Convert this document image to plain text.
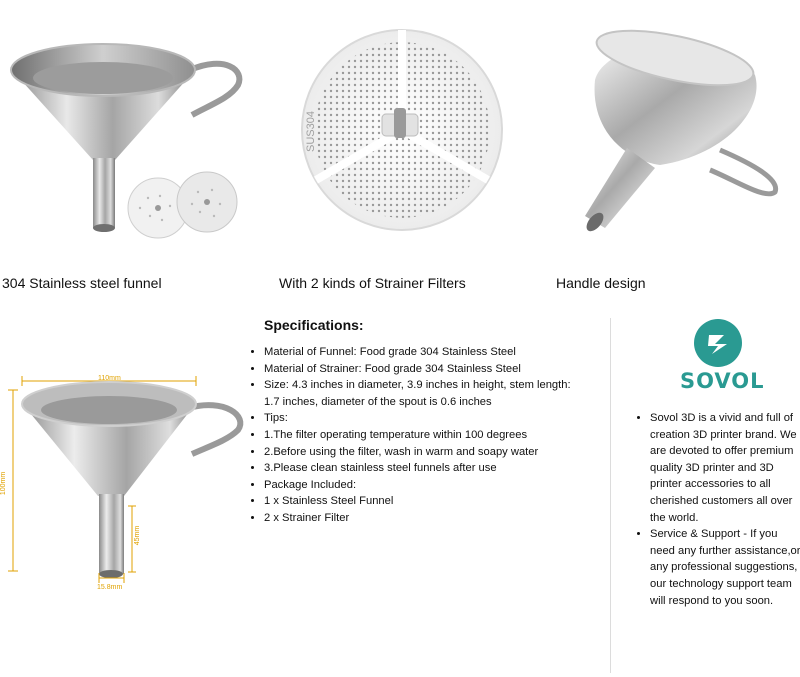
304 Stainless steel funnel
SUS304
With 2 kinds of Strainer Filters	Handle design
110mm
100mm
45mm
15.8mm
Specifications:
• Material of Funnel: Food grade 304 Stainless Steel
• Material of Strainer: Food grade 304 Stainless Steel
• Size: 4.3 inches in diameter, 3.9 inches in height, stem length: 1.7 inches, diameter of the spout is 0.6 inches
• Tips:
• 1.The filter operating temperature within 100 degrees
• 2.Before using the filter, wash in warm and soapy water
• 3.Please clean stainless steel funnels after use
• Package Included:
• 1 x Stainless Steel Funnel
• 2 x Strainer Filter
SOVOL
• Sovol 3D is a vivid and full of creation 3D printer brand. We are devoted to offer premium quality 3D printer and 3D printer accessories to all cherished customers all over the world.
• Service & Support - If you need any further assistance,or any professional suggestions, our technology support team will respond to you soon.
